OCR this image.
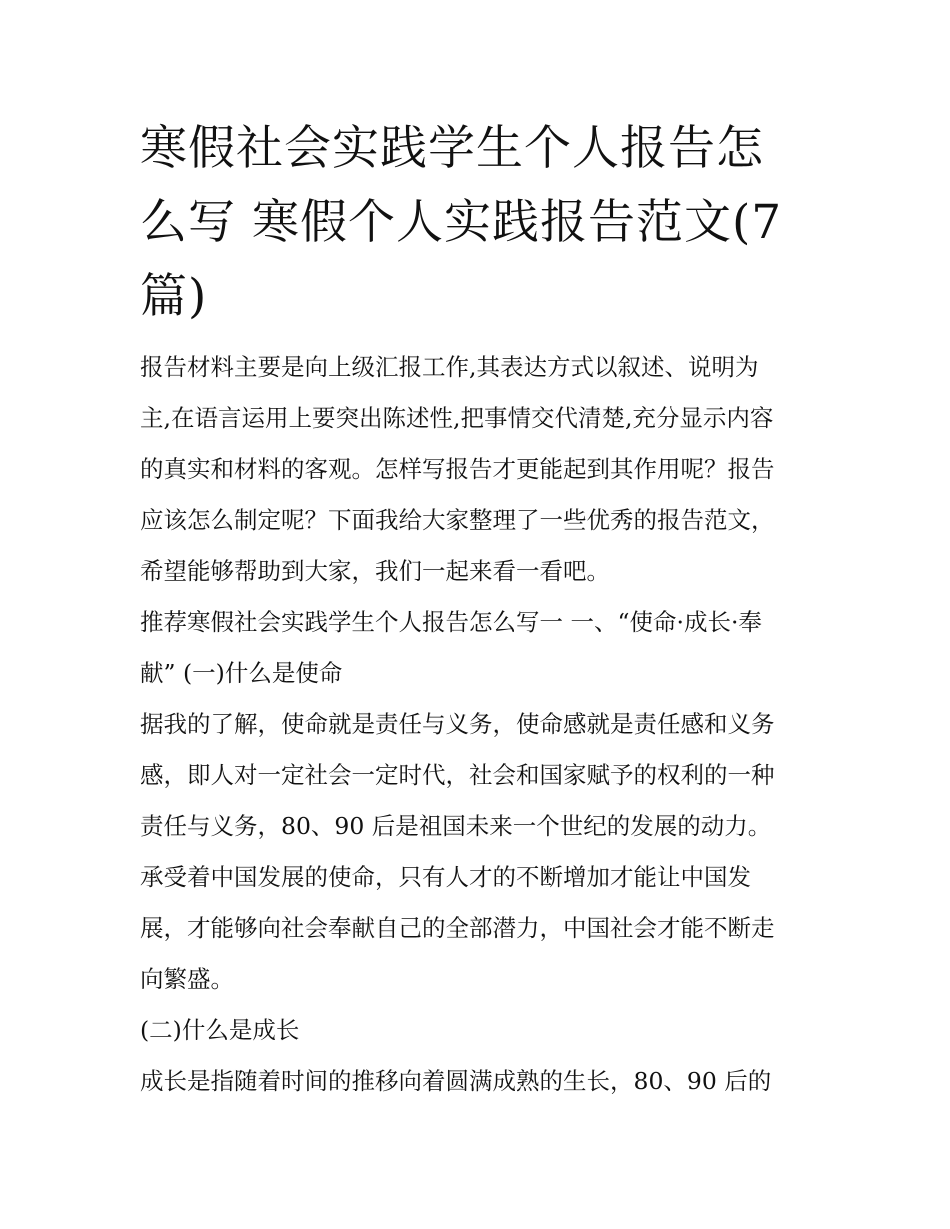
寒假社会实践学生个人报告怎
么写 寒假个人实践报告范文(7
篇)
报告材料主要是向上级汇报工作,其表达方式以叙述、说明为
主,在语言运用上要突出陈述性,把事情交代清楚,充分显示内容
的真实和材料的客观。怎样写报告才更能起到其作用呢？报告
应该怎么制定呢？下面我给大家整理了一些优秀的报告范文，
希望能够帮助到大家，我们一起来看一看吧。
推荐寒假社会实践学生个人报告怎么写一 一、“使命·成长·奉
献” (一)什么是使命
据我的了解，使命就是责任与义务，使命感就是责任感和义务
感，即人对一定社会一定时代，社会和国家赋予的权利的一种
责任与义务，80、90 后是祖国未来一个世纪的发展的动力。
承受着中国发展的使命，只有人才的不断增加才能让中国发
展，才能够向社会奉献自己的全部潜力，中国社会才能不断走
向繁盛。
(二)什么是成长
成长是指随着时间的推移向着圆满成熟的生长，80、90 后的
